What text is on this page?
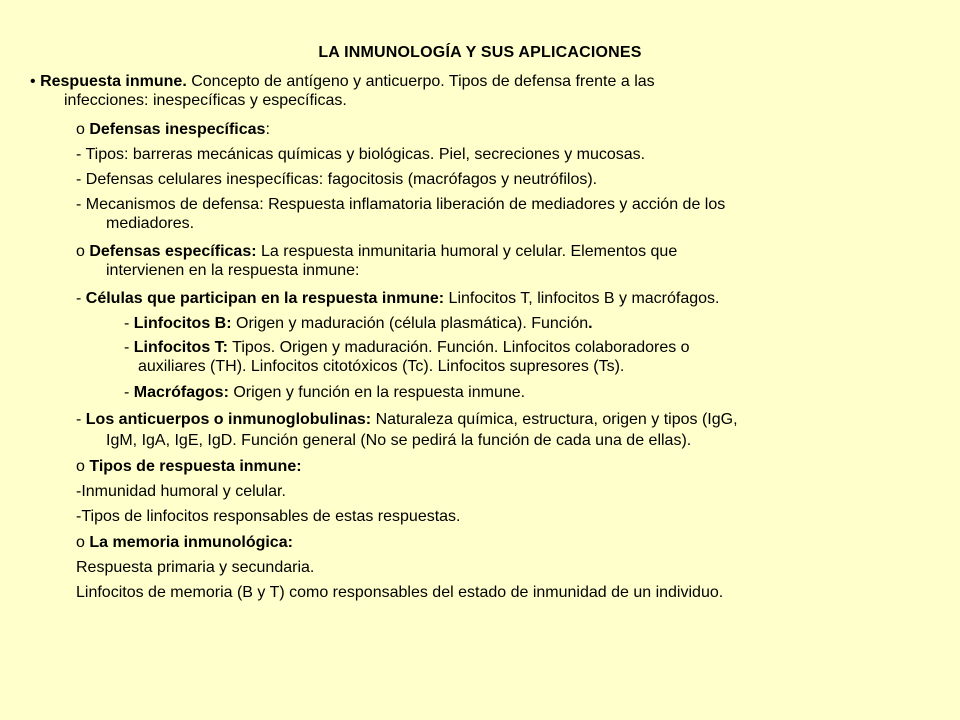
LA INMUNOLOGÍA Y SUS APLICACIONES
• Respuesta inmune. Concepto de antígeno y anticuerpo. Tipos de defensa frente a las
infecciones: inespecíficas y específicas.
o Defensas inespecíficas:
- Tipos: barreras mecánicas químicas y biológicas. Piel, secreciones y mucosas.
- Defensas celulares inespecíficas: fagocitosis (macrófagos y neutrófilos).
- Mecanismos de defensa: Respuesta inflamatoria liberación de mediadores y acción de los
mediadores.
o Defensas específicas: La respuesta inmunitaria humoral y celular. Elementos que
intervienen en la respuesta inmune:
- Células que participan en la respuesta inmune: Linfocitos T, linfocitos B y macrófagos.
- Linfocitos B: Origen y maduración (célula plasmática). Función.
- Linfocitos T: Tipos. Origen y maduración. Función. Linfocitos colaboradores o
auxiliares (TH). Linfocitos citotóxicos (Tc). Linfocitos supresores (Ts).
- Macrófagos: Origen y función en la respuesta inmune.
- Los anticuerpos o inmunoglobulinas: Naturaleza química, estructura, origen y tipos (IgG,
IgM, IgA, IgE, IgD. Función general (No se pedirá la función de cada una de ellas).
o Tipos de respuesta inmune:
-Inmunidad humoral y celular.
-Tipos de linfocitos responsables de estas respuestas.
o La memoria inmunológica:
Respuesta primaria y secundaria.
Linfocitos de memoria (B y T) como responsables del estado de inmunidad de un individuo.
